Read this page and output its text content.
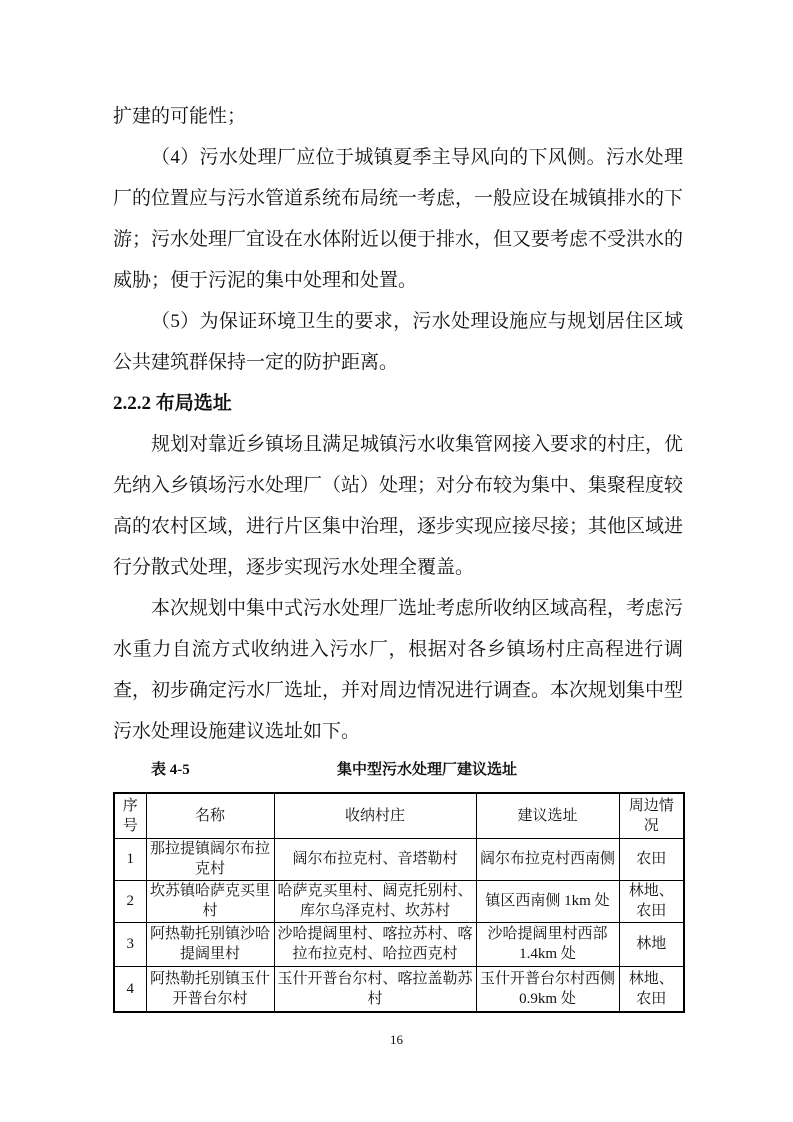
扩建的可能性；

（4）污水处理厂应位于城镇夏季主导风向的下风侧。污水处理厂的位置应与污水管道系统布局统一考虑，一般应设在城镇排水的下游；污水处理厂宜设在水体附近以便于排水，但又要考虑不受洪水的威胁；便于污泥的集中处理和处置。

（5）为保证环境卫生的要求，污水处理设施应与规划居住区域公共建筑群保持一定的防护距离。

2.2.2 布局选址

规划对靠近乡镇场且满足城镇污水收集管网接入要求的村庄，优先纳入乡镇场污水处理厂（站）处理；对分布较为集中、集聚程度较高的农村区域，进行片区集中治理，逐步实现应接尽接；其他区域进行分散式处理，逐步实现污水处理全覆盖。

本次规划中集中式污水处理厂选址考虑所收纳区域高程，考虑污水重力自流方式收纳进入污水厂，根据对各乡镇场村庄高程进行调查，初步确定污水厂选址，并对周边情况进行调查。本次规划集中型污水处理设施建议选址如下。

表 4-5	集中型污水处理厂建议选址
序号	名称	收纳村庄	建议选址	周边情况
1	那拉提镇阔尔布拉克村	阔尔布拉克村、音塔勒村	阔尔布拉克村西南侧	农田
2	坎苏镇哈萨克买里村	哈萨克买里村、阔克托别村、库尔乌泽克村、坎苏村	镇区西南侧 1km 处	林地、农田
3	阿热勒托别镇沙哈提阔里村	沙哈提阔里村、喀拉苏村、喀拉布拉克村、哈拉西克村	沙哈提阔里村西部 1.4km 处	林地
4	阿热勒托别镇玉什开普台尔村	玉什开普台尔村、喀拉盖勒苏村	玉什开普台尔村西侧 0.9km 处	林地、农田
16
